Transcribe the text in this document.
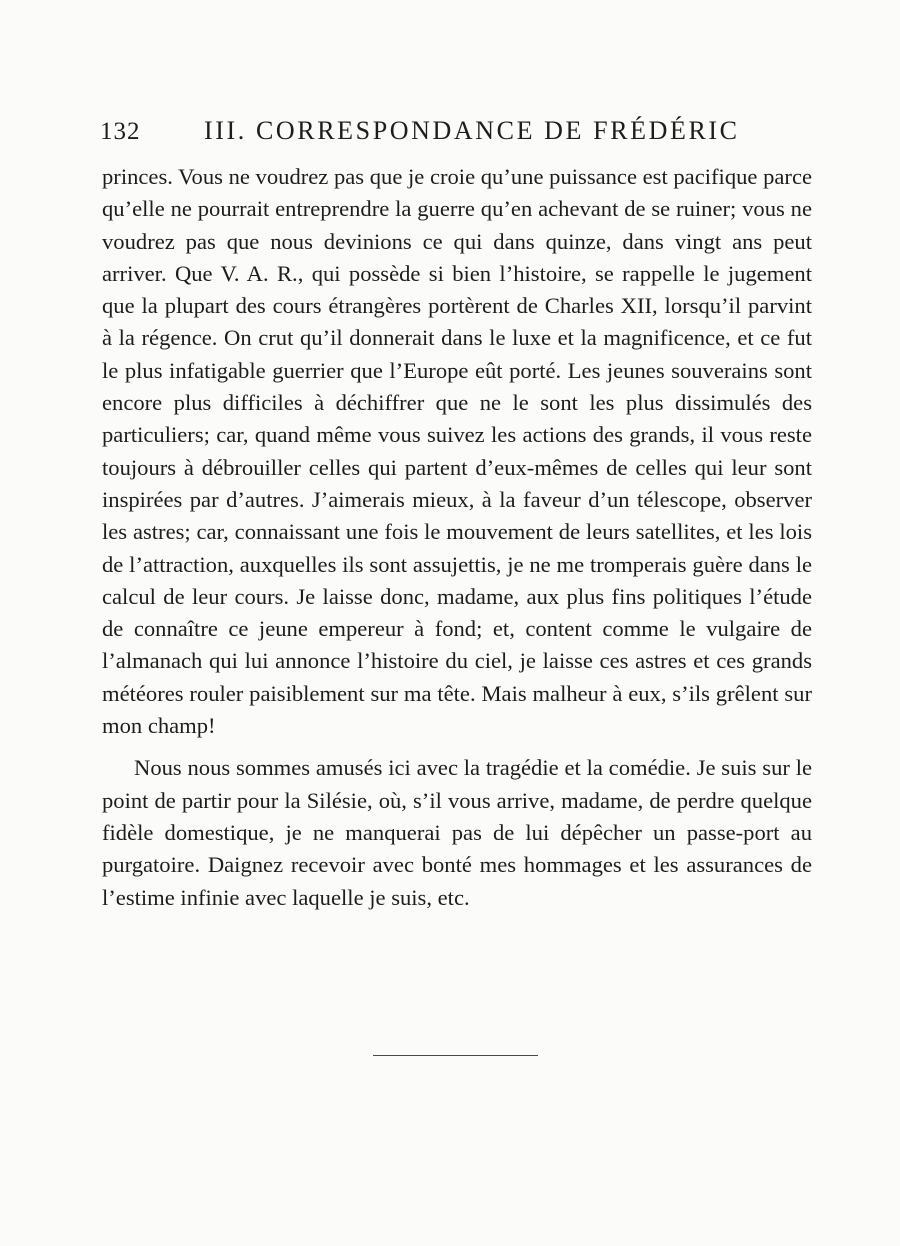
132 III. CORRESPONDANCE DE FRÉDÉRIC

princes. Vous ne voudrez pas que je croie qu’une puissance est pacifique parce qu’elle ne pourrait entreprendre la guerre qu’en achevant de se ruiner; vous ne voudrez pas que nous devinions ce qui dans quinze, dans vingt ans peut arriver. Que V. A. R., qui possède si bien l’histoire, se rappelle le jugement que la plupart des cours étrangères portèrent de Charles XII, lorsqu’il parvint à la régence. On crut qu’il donnerait dans le luxe et la magnificence, et ce fut le plus infatigable guerrier que l’Europe eût porté. Les jeunes souverains sont encore plus difficiles à déchiffrer que ne le sont les plus dissimulés des particuliers; car, quand même vous suivez les actions des grands, il vous reste toujours à débrouiller celles qui partent d’eux-mêmes de celles qui leur sont inspirées par d’autres. J’aimerais mieux, à la faveur d’un télescope, observer les astres; car, connaissant une fois le mouvement de leurs satellites, et les lois de l’attraction, auxquelles ils sont assujettis, je ne me tromperais guère dans le calcul de leur cours. Je laisse donc, madame, aux plus fins politiques l’étude de connaître ce jeune empereur à fond; et, content comme le vulgaire de l’almanach qui lui annonce l’histoire du ciel, je laisse ces astres et ces grands météores rouler paisiblement sur ma tête. Mais malheur à eux, s’ils grêlent sur mon champ!

Nous nous sommes amusés ici avec la tragédie et la comédie. Je suis sur le point de partir pour la Silésie, où, s’il vous arrive, madame, de perdre quelque fidèle domestique, je ne manquerai pas de lui dépêcher un passe-port au purgatoire. Daignez recevoir avec bonté mes hommages et les assurances de l’estime infinie avec laquelle je suis, etc.
